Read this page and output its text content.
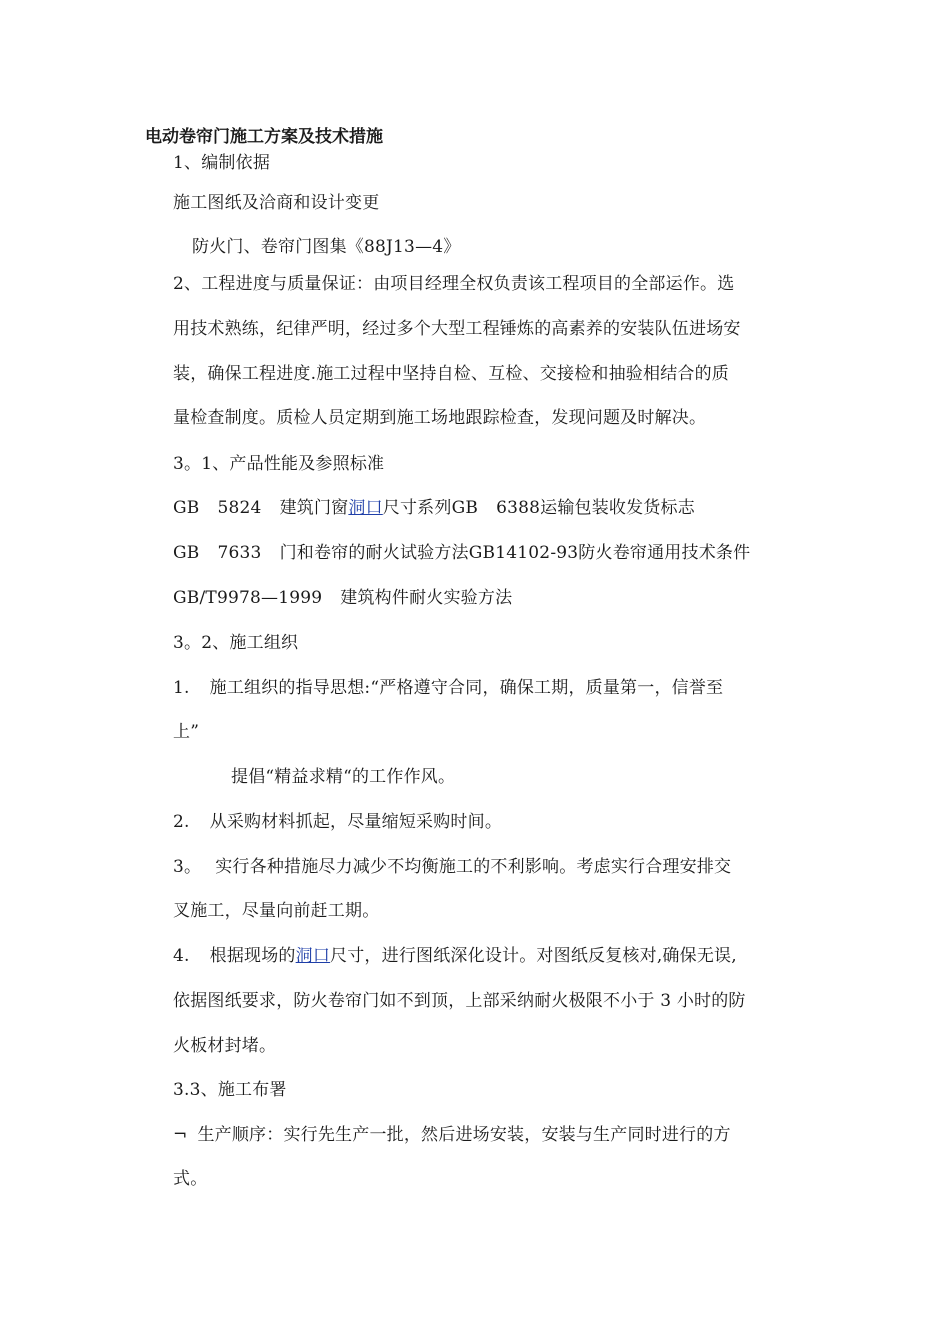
电动卷帘门施工方案及技术措施
1、编制依据
施工图纸及洽商和设计变更
防火门、卷帘门图集《88J13—4》
2、工程进度与质量保证：由项目经理全权负责该工程项目的全部运作。选
用技术熟练，纪律严明，经过多个大型工程锤炼的高素养的安装队伍进场安
装，确保工程进度.施工过程中坚持自检、互检、交接检和抽验相结合的质
量检查制度。质检人员定期到施工场地跟踪检查，发现问题及时解决。
3。1、产品性能及参照标准
GB 5824 建筑门窗洞口尺寸系列GB 6388运输包装收发货标志
GB 7633 门和卷帘的耐火试验方法GB14102-93防火卷帘通用技术条件
GB/T9978—1999 建筑构件耐火实验方法
3。2、施工组织
1. 施工组织的指导思想:“严格遵守合同，确保工期，质量第一，信誉至
上”
提倡“精益求精“的工作作风。
2. 从采购材料抓起，尽量缩短采购时间。
3。 实行各种措施尽力减少不均衡施工的不利影响。考虑实行合理安排交
叉施工，尽量向前赶工期。
4. 根据现场的洞口尺寸，进行图纸深化设计。对图纸反复核对,确保无误,
依据图纸要求，防火卷帘门如不到顶，上部采纳耐火极限不小于 3 小时的防
火板材封堵。
3.3、施工布署
¬ 生产顺序：实行先生产一批，然后进场安装，安装与生产同时进行的方
式。
